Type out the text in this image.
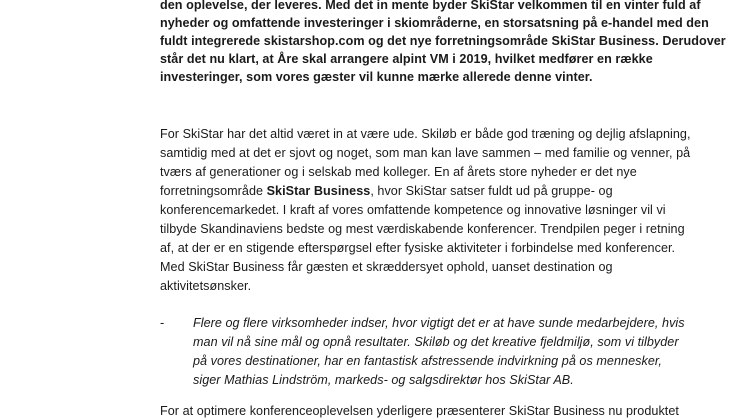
den oplevelse, der leveres. Med det in mente byder SkiStar velkommen til en vinter fuld af
nyheder og omfattende investeringer i skiområderne, en storsatsning på e-handel med den
fuldt integrerede skistarshop.com og det nye forretningsområde SkiStar Business. Derudover
står det nu klart, at Åre skal arrangere alpint VM i 2019, hvilket medfører en række
investeringer, som vores gæster vil kunne mærke allerede denne vinter.
For SkiStar har det altid været in at være ude. Skiløb er både god træning og dejlig afslapning,
samtidig med at det er sjovt og noget, som man kan lave sammen – med familie og venner, på
tværs af generationer og i selskab med kolleger. En af årets store nyheder er det nye
forretningsområde SkiStar Business, hvor SkiStar satser fuldt ud på gruppe- og
konferencemarkedet. I kraft af vores omfattende kompetence og innovative løsninger vil vi
tilbyde Skandinaviens bedste og mest værdiskabende konferencer. Trendpilen peger i retning
af, at der er en stigende efterspørgsel efter fysiske aktiviteter i forbindelse med konferencer.
Med SkiStar Business får gæsten et skræddersyet ophold, uanset destination og
aktivitetsønsker.
- Flere og flere virksomheder indser, hvor vigtigt det er at have sunde medarbejdere, hvis
man vil nå sine mål og opnå resultater. Skiløb og det kreative fjeldmiljø, som vi tilbyder
på vores destinationer, har en fantastisk afstressende indvirkning på os mennesker,
siger Mathias Lindström, markeds- og salgsdirektør hos SkiStar AB.
For at optimere konferenceoplevelsen yderligere præsenterer SkiStar Business nu produktet
